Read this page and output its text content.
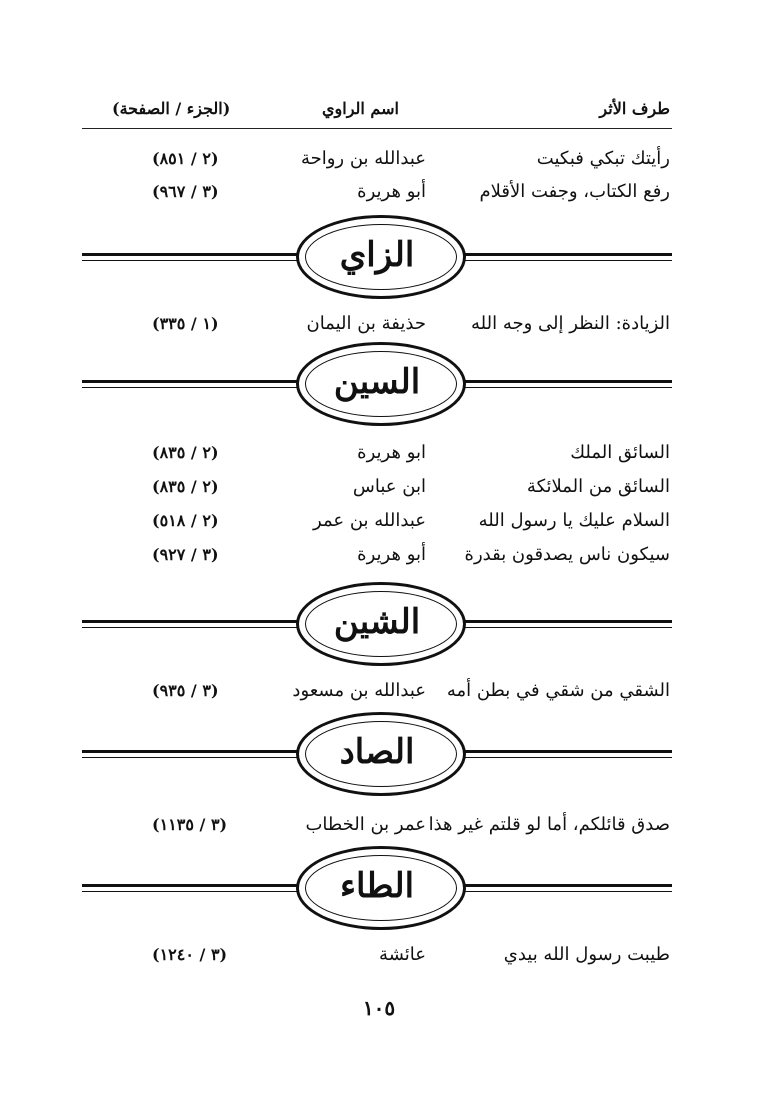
طرف الأثر
اسم الراوي
(الجزء / الصفحة)
رأيتك تبكي فبكيت
عبدالله بن رواحة
(٢ / ٨٥١)
رفع الكتاب، وجفت الأقلام
أبو هريرة
(٣ / ٩٦٧)
الزاي
الزيادة: النظر إلى وجه الله
حذيفة بن اليمان
(١ / ٣٣٥)
السين
السائق الملك
ابو هريرة
(٢ / ٨٣٥)
السائق من الملائكة
ابن عباس
(٢ / ٨٣٥)
السلام عليك يا رسول الله
عبدالله بن عمر
(٢ / ٥١٨)
سيكون ناس يصدقون بقدرة
أبو هريرة
(٣ / ٩٢٧)
الشين
الشقي من شقي في بطن أمه
عبدالله بن مسعود
(٣ / ٩٣٥)
الصاد
صدق قائلكم، أما لو قلتم غير هذا
عمر بن الخطاب
(٣ / ١١٣٥)
الطاء
طيبت رسول الله بيدي
عائشة
(٣ / ١٢٤٠)
١٠٥
